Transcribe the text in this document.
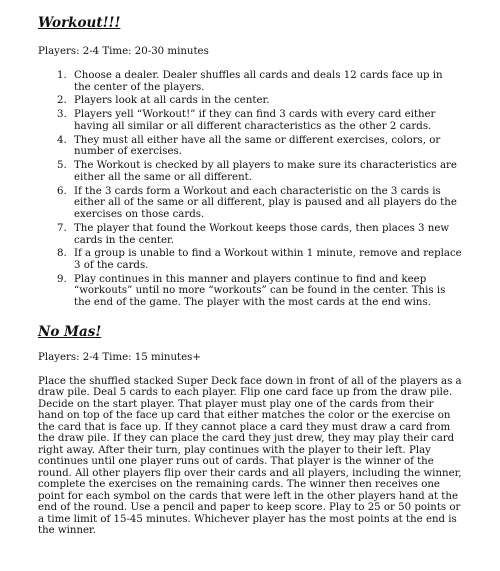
Workout!!!

Players: 2-4 Time: 20-30 minutes

1. Choose a dealer. Dealer shuffles all cards and deals 12 cards face up in the center of the players.
2. Players look at all cards in the center.
3. Players yell “Workout!” if they can find 3 cards with every card either having all similar or all different characteristics as the other 2 cards.
4. They must all either have all the same or different exercises, colors, or number of exercises.
5. The Workout is checked by all players to make sure its characteristics are either all the same or all different.
6. If the 3 cards form a Workout and each characteristic on the 3 cards is either all of the same or all different, play is paused and all players do the exercises on those cards.
7. The player that found the Workout keeps those cards, then places 3 new cards in the center.
8. If a group is unable to find a Workout within 1 minute, remove and replace 3 of the cards.
9. Play continues in this manner and players continue to find and keep “workouts” until no more “workouts” can be found in the center. This is the end of the game. The player with the most cards at the end wins.
No Mas!

Players: 2-4 Time: 15 minutes+

Place the shuffled stacked Super Deck face down in front of all of the players as a draw pile. Deal 5 cards to each player. Flip one card face up from the draw pile. Decide on the start player. That player must play one of the cards from their hand on top of the face up card that either matches the color or the exercise on the card that is face up. If they cannot place a card they must draw a card from the draw pile. If they can place the card they just drew, they may play their card right away. After their turn, play continues with the player to their left. Play continues until one player runs out of cards. That player is the winner of the round. All other players flip over their cards and all players, including the winner, complete the exercises on the remaining cards. The winner then receives one point for each symbol on the cards that were left in the other players hand at the end of the round. Use a pencil and paper to keep score. Play to 25 or 50 points or a time limit of 15-45 minutes. Whichever player has the most points at the end is the winner.
